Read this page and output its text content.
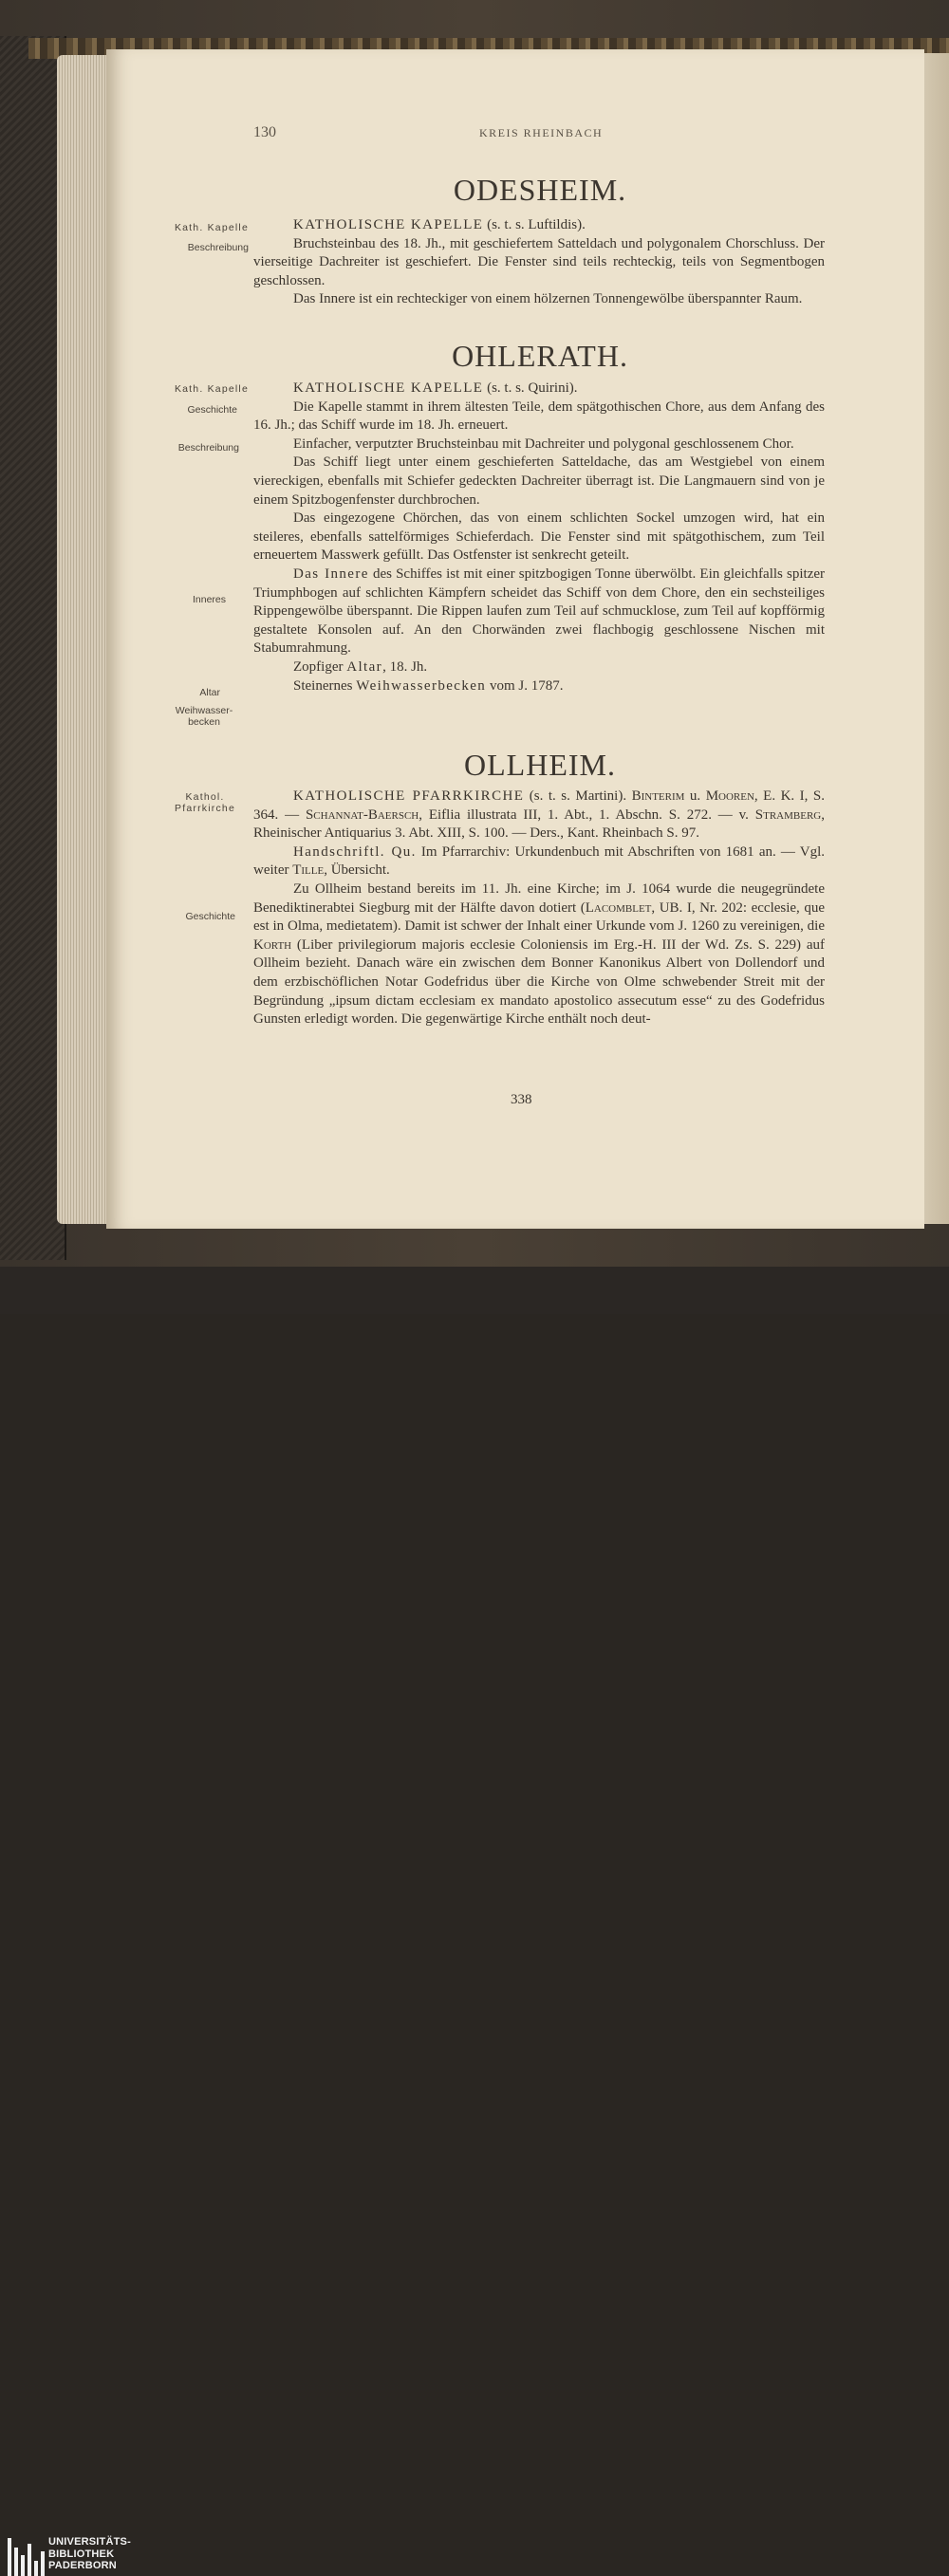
130	KREIS RHEINBACH
ODESHEIM.
Kath. Kapelle
Beschreibung

KATHOLISCHE KAPELLE (s. t. s. Luftildis).

Bruchsteinbau des 18. Jh., mit geschiefertem Satteldach und polygonalem Chorschluss. Der vierseitige Dachreiter ist geschiefert. Die Fenster sind teils rechteckig, teils von Segmentbogen geschlossen.

Das Innere ist ein rechteckiger von einem hölzernen Tonnengewölbe überspannter Raum.

OHLERATH.
Kath. Kapelle
Geschichte
Beschreibung
Inneres
Altar
Weihwasser-
becken

KATHOLISCHE KAPELLE (s. t. s. Quirini).

Die Kapelle stammt in ihrem ältesten Teile, dem spätgothischen Chore, aus dem Anfang des 16. Jh.; das Schiff wurde im 18. Jh. erneuert.

Einfacher, verputzter Bruchsteinbau mit Dachreiter und polygonal geschlossenem Chor.

Das Schiff liegt unter einem geschieferten Satteldache, das am Westgiebel von einem viereckigen, ebenfalls mit Schiefer gedeckten Dachreiter überragt ist. Die Langmauern sind von je einem Spitzbogenfenster durchbrochen.

Das eingezogene Chörchen, das von einem schlichten Sockel umzogen wird, hat ein steileres, ebenfalls sattelförmiges Schieferdach. Die Fenster sind mit spätgothischem, zum Teil erneuertem Masswerk gefüllt. Das Ostfenster ist senkrecht geteilt.

Das Innere des Schiffes ist mit einer spitzbogigen Tonne überwölbt. Ein gleichfalls spitzer Triumphbogen auf schlichten Kämpfern scheidet das Schiff von dem Chore, den ein sechsteiliges Rippengewölbe überspannt. Die Rippen laufen zum Teil auf schmucklose, zum Teil auf kopfförmig gestaltete Konsolen auf. An den Chorwänden zwei flachbogig geschlossene Nischen mit Stabumrahmung.

Zopfiger Altar, 18. Jh.

Steinernes Weihwasserbecken vom J. 1787.

OLLHEIM.
Kathol.
Pfarrkirche
Geschichte

KATHOLISCHE PFARRKIRCHE (s. t. s. Martini). Binterim u. Mooren, E. K. I, S. 364. — Schannat-Baersch, Eiflia illustrata III, 1. Abt., 1. Abschn. S. 272. — v. Stramberg, Rheinischer Antiquarius 3. Abt. XIII, S. 100. — Ders., Kant. Rheinbach S. 97.

Handschriftl. Qu. Im Pfarrarchiv: Urkundenbuch mit Abschriften von 1681 an. — Vgl. weiter Tille, Übersicht.

Zu Ollheim bestand bereits im 11. Jh. eine Kirche; im J. 1064 wurde die neugegründete Benediktinerabtei Siegburg mit der Hälfte davon dotiert (Lacomblet, UB. I, Nr. 202: ecclesie, que est in Olma, medietatem). Damit ist schwer der Inhalt einer Urkunde vom J. 1260 zu vereinigen, die Korth (Liber privilegiorum majoris ecclesie Coloniensis im Erg.-H. III der Wd. Zs. S. 229) auf Ollheim bezieht. Danach wäre ein zwischen dem Bonner Kanonikus Albert von Dollendorf und dem erzbischöflichen Notar Godefridus über die Kirche von Olme schwebender Streit mit der Begründung „ipsum dictam ecclesiam ex mandato apostolico assecutum esse“ zu des Godefridus Gunsten erledigt worden. Die gegenwärtige Kirche enthält noch deut-

338
UNIVERSITÄTS-
BIBLIOTHEK
PADERBORN
